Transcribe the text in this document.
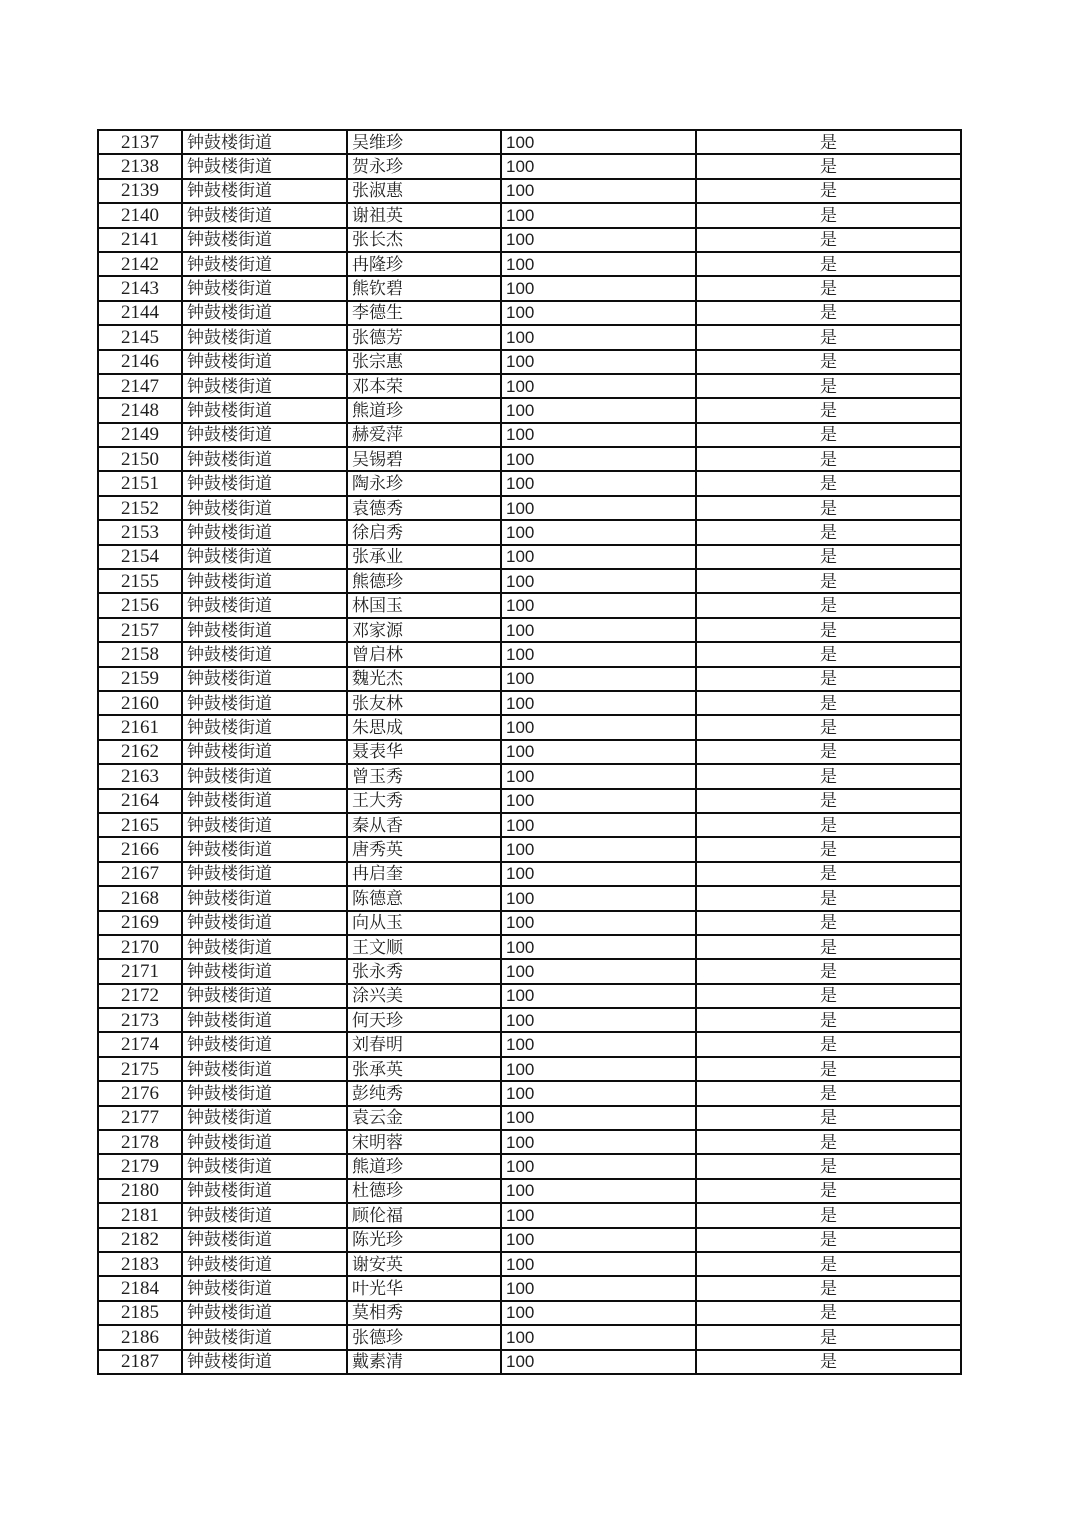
2137	钟鼓楼街道	吴维珍	100	是
2138	钟鼓楼街道	贺永珍	100	是
2139	钟鼓楼街道	张淑惠	100	是
2140	钟鼓楼街道	谢祖英	100	是
2141	钟鼓楼街道	张长杰	100	是
2142	钟鼓楼街道	冉隆珍	100	是
2143	钟鼓楼街道	熊钦碧	100	是
2144	钟鼓楼街道	李德生	100	是
2145	钟鼓楼街道	张德芳	100	是
2146	钟鼓楼街道	张宗惠	100	是
2147	钟鼓楼街道	邓本荣	100	是
2148	钟鼓楼街道	熊道珍	100	是
2149	钟鼓楼街道	赫爱萍	100	是
2150	钟鼓楼街道	吴锡碧	100	是
2151	钟鼓楼街道	陶永珍	100	是
2152	钟鼓楼街道	袁德秀	100	是
2153	钟鼓楼街道	徐启秀	100	是
2154	钟鼓楼街道	张承业	100	是
2155	钟鼓楼街道	熊德珍	100	是
2156	钟鼓楼街道	林国玉	100	是
2157	钟鼓楼街道	邓家源	100	是
2158	钟鼓楼街道	曾启林	100	是
2159	钟鼓楼街道	魏光杰	100	是
2160	钟鼓楼街道	张友林	100	是
2161	钟鼓楼街道	朱思成	100	是
2162	钟鼓楼街道	聂表华	100	是
2163	钟鼓楼街道	曾玉秀	100	是
2164	钟鼓楼街道	王大秀	100	是
2165	钟鼓楼街道	秦从香	100	是
2166	钟鼓楼街道	唐秀英	100	是
2167	钟鼓楼街道	冉启奎	100	是
2168	钟鼓楼街道	陈德意	100	是
2169	钟鼓楼街道	向从玉	100	是
2170	钟鼓楼街道	王文顺	100	是
2171	钟鼓楼街道	张永秀	100	是
2172	钟鼓楼街道	涂兴美	100	是
2173	钟鼓楼街道	何天珍	100	是
2174	钟鼓楼街道	刘春明	100	是
2175	钟鼓楼街道	张承英	100	是
2176	钟鼓楼街道	彭纯秀	100	是
2177	钟鼓楼街道	袁云金	100	是
2178	钟鼓楼街道	宋明蓉	100	是
2179	钟鼓楼街道	熊道珍	100	是
2180	钟鼓楼街道	杜德珍	100	是
2181	钟鼓楼街道	顾伦福	100	是
2182	钟鼓楼街道	陈光珍	100	是
2183	钟鼓楼街道	谢安英	100	是
2184	钟鼓楼街道	叶光华	100	是
2185	钟鼓楼街道	莫相秀	100	是
2186	钟鼓楼街道	张德珍	100	是
2187	钟鼓楼街道	戴素清	100	是
